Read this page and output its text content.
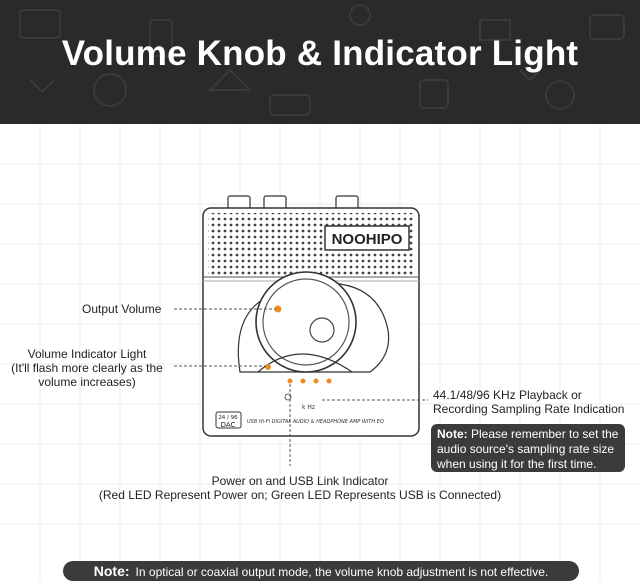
Volume Knob & Indicator Light
NOOHIPO
k Hz
24 / 96
DAC USB Hi-Fi DIGITAL AUDIO & HEADPHONE AMP WITH EQ
Output Volume
Volume Indicator Light
(It'll flash more clearly as the
volume increases)
44.1/48/96 KHz Playback or
Recording Sampling Rate Indication
Power on and USB Link Indicator
(Red LED Represent Power on; Green LED Represents USB is Connected)
Note: Please remember to set the audio source's sampling rate size when using it for the first time.
Note: In optical or coaxial output mode, the volume knob adjustment is not effective.
